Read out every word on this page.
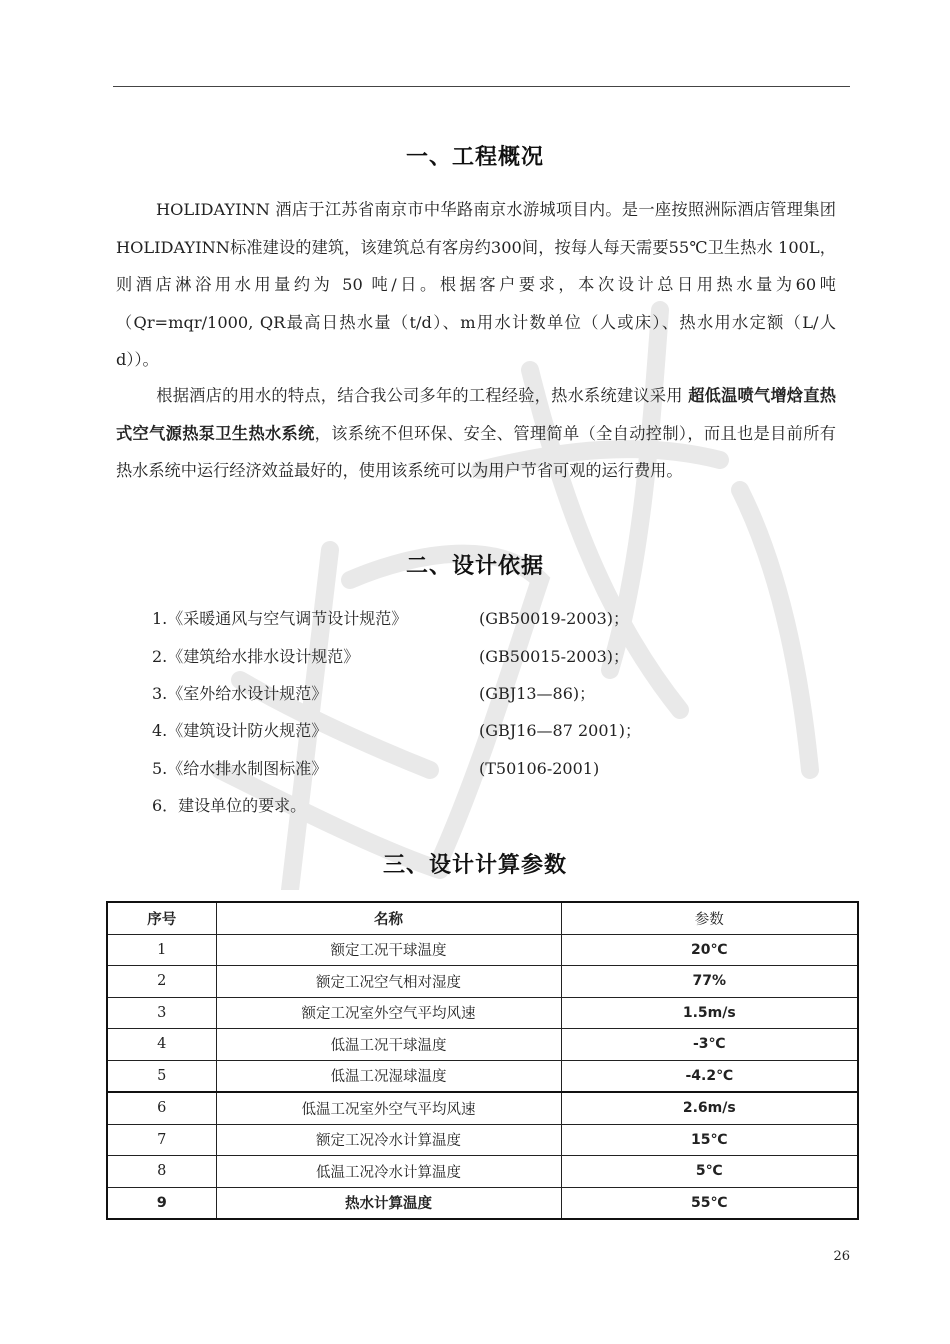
一、工程概况

HOLIDAYINN 酒店于江苏省南京市中华路南京水游城项目内。是一座按照洲际酒店管理集团HOLIDAYINN标准建设的建筑，该建筑总有客房约300间，按每人每天需要55℃卫生热水 100L，则酒店淋浴用水用量约为 50 吨/日。根据客户要求，本次设计总日用热水量为60吨（Qr=mqr/1000, QR最高日热水量（t/d）、m用水计数单位（人或床）、热水用水定额（L/人 d））。

根据酒店的用水的特点，结合我公司多年的工程经验，热水系统建议采用 超低温喷气增焓直热式空气源热泵卫生热水系统，该系统不但环保、安全、管理简单（全自动控制），而且也是目前所有热水系统中运行经济效益最好的，使用该系统可以为用户节省可观的运行费用。

二、设计依据
1.《采暖通风与空气调节设计规范》	(GB50019-2003)；
2.《建筑给水排水设计规范》	(GB50015-2003)；
3.《室外给水设计规范》	(GBJ13—86)；
4.《建筑设计防火规范》	(GBJ16—87 2001)；
5.《给水排水制图标准》	(T50106-2001)
6．建设单位的要求。
三、设计计算参数
序号	名称	参数
1	额定工况干球温度	20℃
2	额定工况空气相对湿度	77%
3	额定工况室外空气平均风速	1.5m/s
4	低温工况干球温度	-3℃
5	低温工况湿球温度	-4.2℃
6	低温工况室外空气平均风速	2.6m/s
7	额定工况冷水计算温度	15℃
8	低温工况冷水计算温度	5℃
9	热水计算温度	55℃
26
